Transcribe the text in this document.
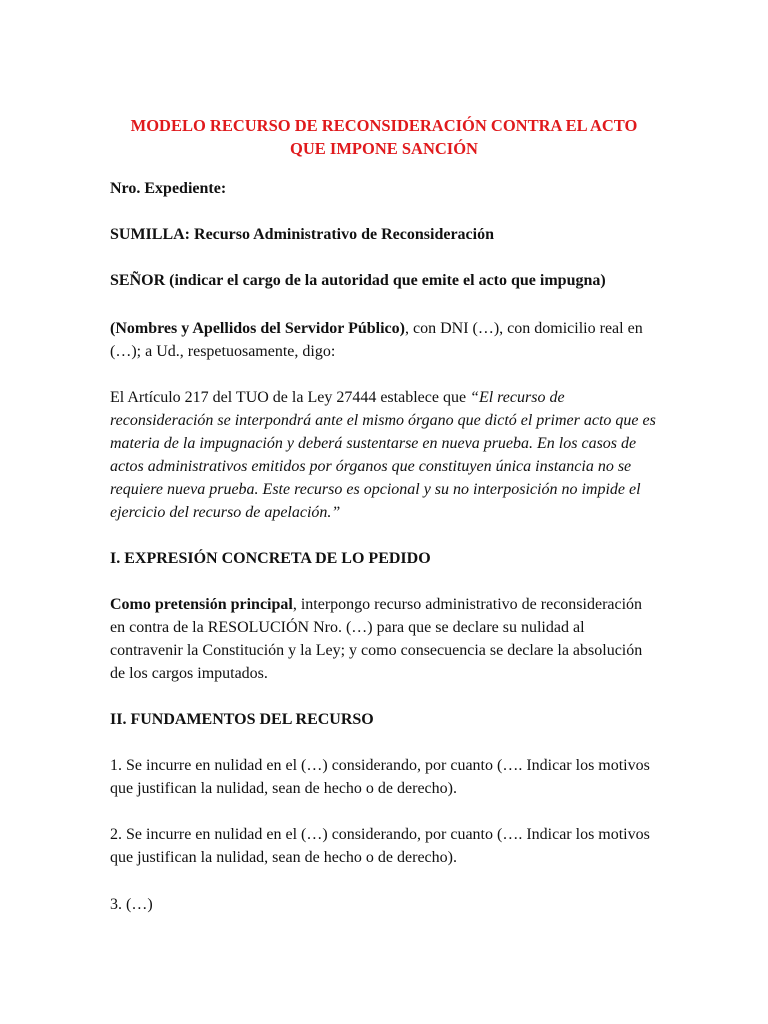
MODELO RECURSO DE RECONSIDERACIÓN CONTRA EL ACTO
QUE IMPONE SANCIÓN
Nro. Expediente:
SUMILLA: Recurso Administrativo de Reconsideración
SEÑOR (indicar el cargo de la autoridad que emite el acto que impugna)
(Nombres y Apellidos del Servidor Público), con DNI (…), con domicilio real en (…); a Ud., respetuosamente, digo:
El Artículo 217 del TUO de la Ley 27444 establece que “El recurso de reconsideración se interpondrá ante el mismo órgano que dictó el primer acto que es materia de la impugnación y deberá sustentarse en nueva prueba. En los casos de actos administrativos emitidos por órganos que constituyen única instancia no se requiere nueva prueba. Este recurso es opcional y su no interposición no impide el ejercicio del recurso de apelación.”
I. EXPRESIÓN CONCRETA DE LO PEDIDO
Como pretensión principal, interpongo recurso administrativo de reconsideración en contra de la RESOLUCIÓN Nro. (…) para que se declare su nulidad al contravenir la Constitución y la Ley; y como consecuencia se declare la absolución de los cargos imputados.
II. FUNDAMENTOS DEL RECURSO
1. Se incurre en nulidad en el (…) considerando, por cuanto (…. Indicar los motivos que justifican la nulidad, sean de hecho o de derecho).
2. Se incurre en nulidad en el (…) considerando, por cuanto (…. Indicar los motivos que justifican la nulidad, sean de hecho o de derecho).
3. (…)
